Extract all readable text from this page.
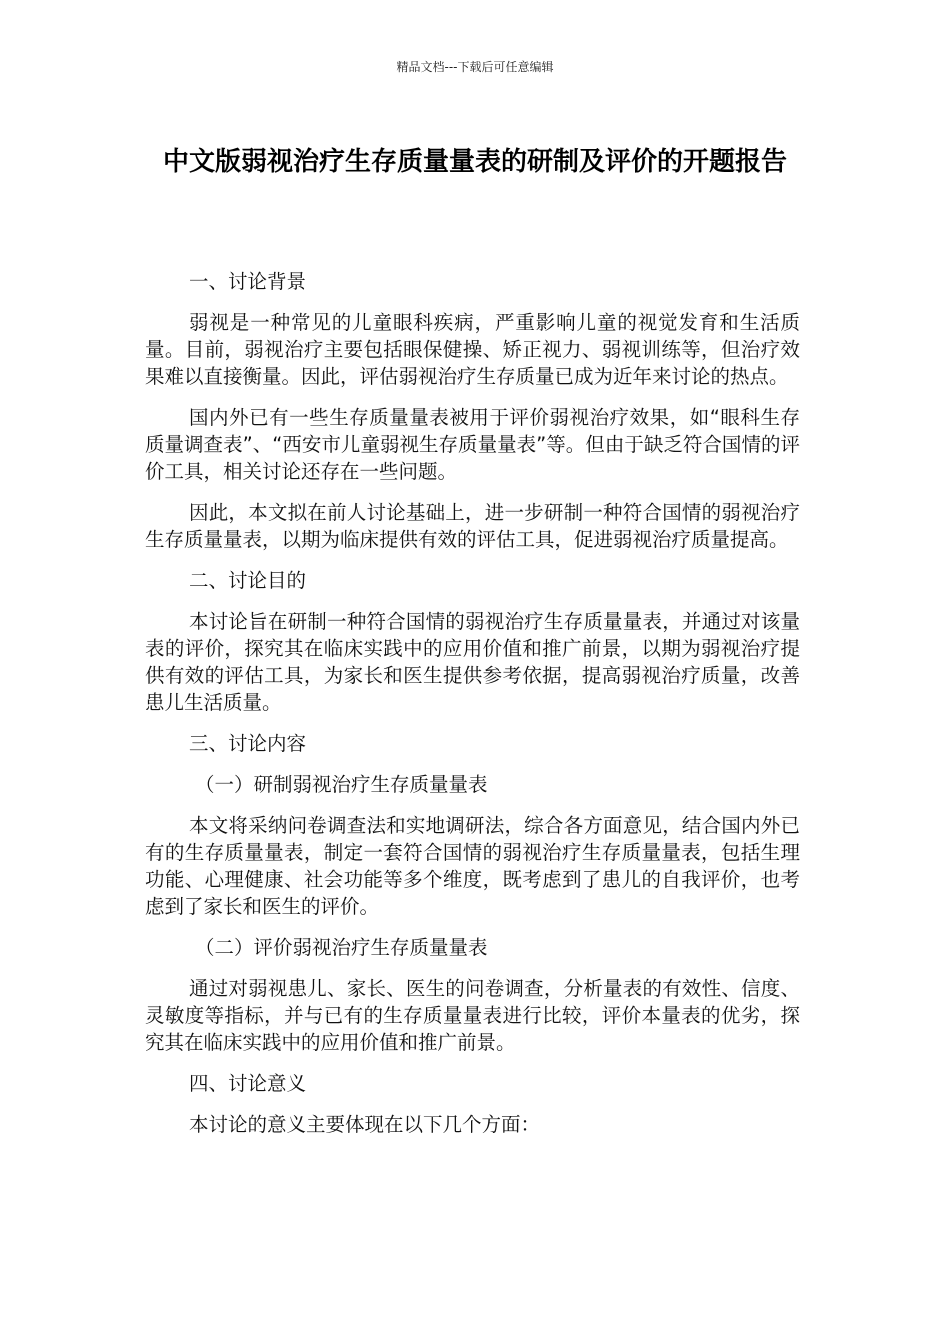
精品文档---下载后可任意编辑
中文版弱视治疗生存质量量表的研制及评价的开题报告
一、讨论背景
弱视是一种常见的儿童眼科疾病，严重影响儿童的视觉发育和生活质量。目前，弱视治疗主要包括眼保健操、矫正视力、弱视训练等，但治疗效果难以直接衡量。因此，评估弱视治疗生存质量已成为近年来讨论的热点。
国内外已有一些生存质量量表被用于评价弱视治疗效果，如“眼科生存质量调查表”、“西安市儿童弱视生存质量量表”等。但由于缺乏符合国情的评价工具，相关讨论还存在一些问题。
因此，本文拟在前人讨论基础上，进一步研制一种符合国情的弱视治疗生存质量量表，以期为临床提供有效的评估工具，促进弱视治疗质量提高。
二、讨论目的
本讨论旨在研制一种符合国情的弱视治疗生存质量量表，并通过对该量表的评价，探究其在临床实践中的应用价值和推广前景，以期为弱视治疗提供有效的评估工具，为家长和医生提供参考依据，提高弱视治疗质量，改善患儿生活质量。
三、讨论内容
（一）研制弱视治疗生存质量量表
本文将采纳问卷调查法和实地调研法，综合各方面意见，结合国内外已有的生存质量量表，制定一套符合国情的弱视治疗生存质量量表，包括生理功能、心理健康、社会功能等多个维度，既考虑到了患儿的自我评价，也考虑到了家长和医生的评价。
（二）评价弱视治疗生存质量量表
通过对弱视患儿、家长、医生的问卷调查，分析量表的有效性、信度、灵敏度等指标，并与已有的生存质量量表进行比较，评价本量表的优劣，探究其在临床实践中的应用价值和推广前景。
四、讨论意义
本讨论的意义主要体现在以下几个方面：
